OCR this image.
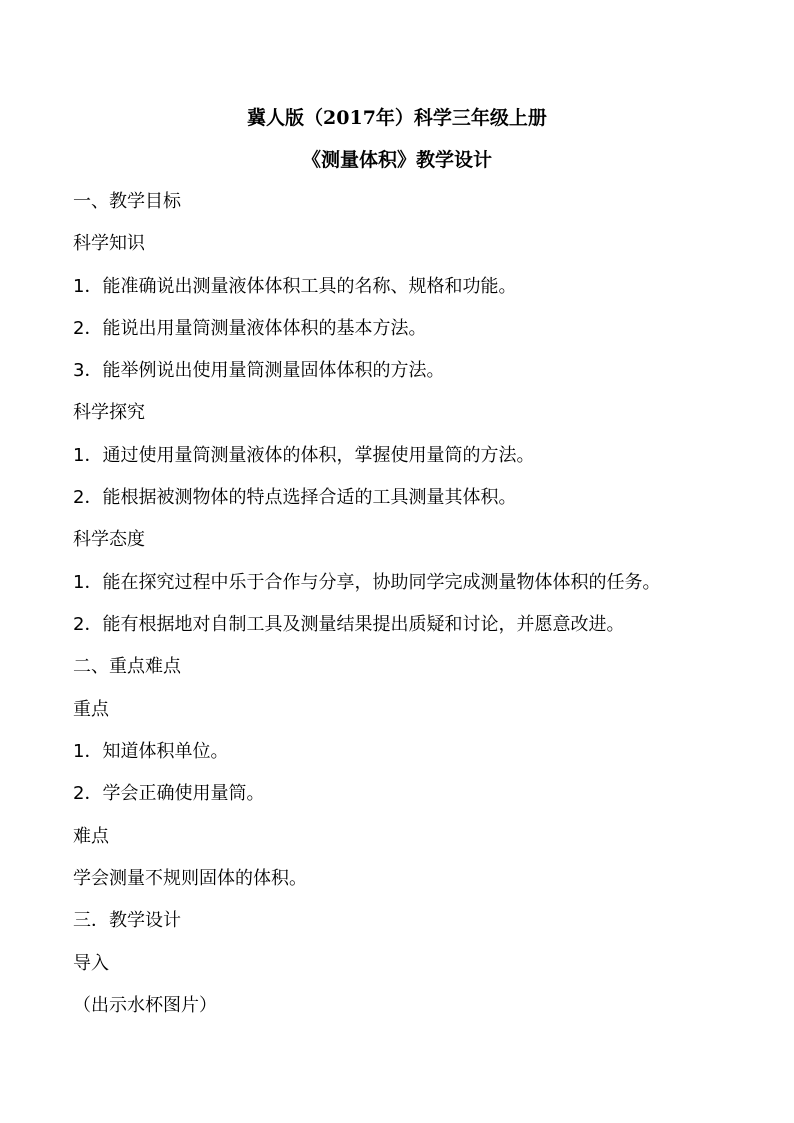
冀人版（2017年）科学三年级上册
《测量体积》教学设计
一、教学目标
科学知识
1．能准确说出测量液体体积工具的名称、规格和功能。
2．能说出用量筒测量液体体积的基本方法。
3．能举例说出使用量筒测量固体体积的方法。
科学探究
1．通过使用量筒测量液体的体积，掌握使用量筒的方法。
2．能根据被测物体的特点选择合适的工具测量其体积。
科学态度
1．能在探究过程中乐于合作与分享，协助同学完成测量物体体积的任务。
2．能有根据地对自制工具及测量结果提出质疑和讨论，并愿意改进。
二、重点难点
重点
1．知道体积单位。
2．学会正确使用量筒。
难点
学会测量不规则固体的体积。
三．教学设计
导入
（出示水杯图片）
